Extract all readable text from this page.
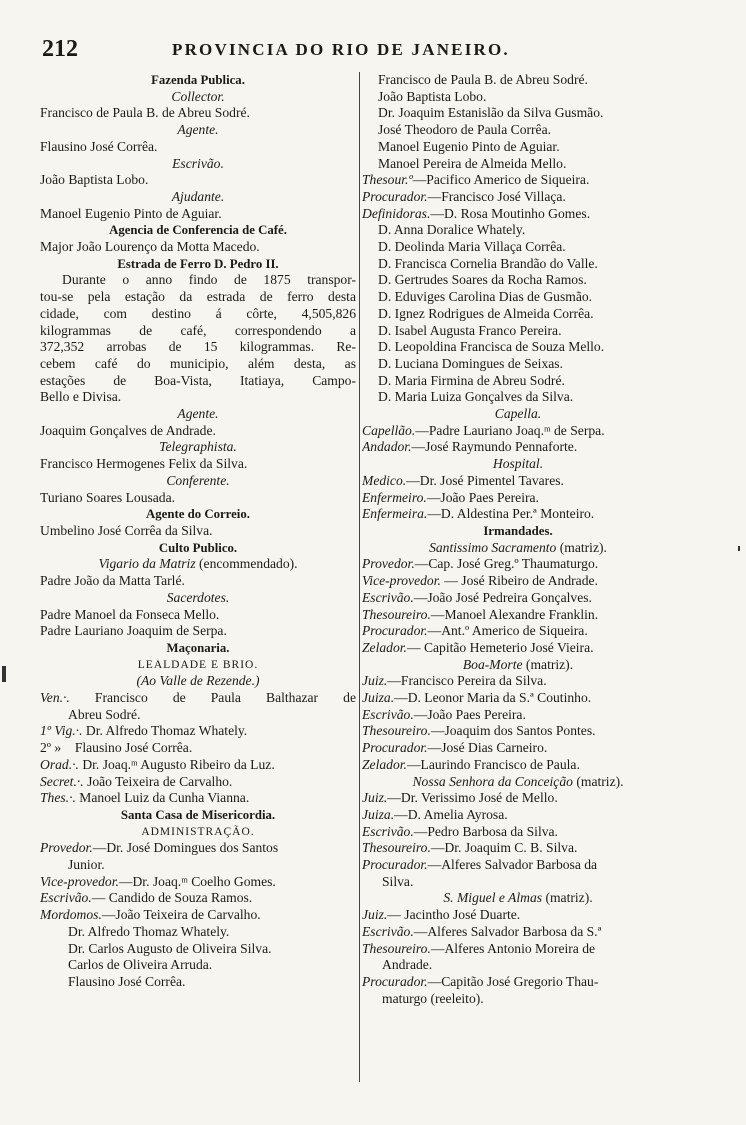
212	PROVINCIA DO RIO DE JANEIRO.
Fazenda Publica.
Collector.
Francisco de Paula B. de Abreu Sodré.
Agente.
Flausino José Corrêa.
Escrivão.
João Baptista Lobo.
Ajudante.
Manoel Eugenio Pinto de Aguiar.
Agencia de Conferencia de Café.
Major João Lourenço da Motta Macedo.
Estrada de Ferro D. Pedro II.
Durante o anno findo de 1875 transpor-
tou-se pela estação da estrada de ferro desta
cidade, com destino á côrte, 4,505,826
kilogrammas de café, correspondendo a
372,352 arrobas de 15 kilogrammas. Re-
cebem café do municipio, além desta, as
estações de Boa-Vista, Itatiaya, Campo-
Bello e Divisa.
Agente.
Joaquim Gonçalves de Andrade.
Telegraphista.
Francisco Hermogenes Felix da Silva.
Conferente.
Turiano Soares Lousada.
Agente do Correio.
Umbelino José Corrêa da Silva.
Culto Publico.
Vigario da Matriz (encommendado).
Padre João da Matta Tarlé.
Sacerdotes.
Padre Manoel da Fonseca Mello.
Padre Lauriano Joaquim de Serpa.
Maçonaria.
LEALDADE E BRIO.
(Ao Valle de Rezende.)
Ven.·. Francisco de Paula Balthazar de
Abreu Sodré.
1º Vig.·. Dr. Alfredo Thomaz Whately.
2º » Flausino José Corrêa.
Orad.·. Dr. Joaq.ᵐ Augusto Ribeiro da Luz.
Secret.·. João Teixeira de Carvalho.
Thes.·. Manoel Luiz da Cunha Vianna.
Santa Casa de Misericordia.
ADMINISTRAÇÃO.
Provedor.—Dr. José Domingues dos Santos
Junior.
Vice-provedor.—Dr. Joaq.ᵐ Coelho Gomes.
Escrivão.— Candido de Souza Ramos.
Mordomos.—João Teixeira de Carvalho.
Dr. Alfredo Thomaz Whately.
Dr. Carlos Augusto de Oliveira Silva.
Carlos de Oliveira Arruda.
Flausino José Corrêa.
Francisco de Paula B. de Abreu Sodré.
João Baptista Lobo.
Dr. Joaquim Estanislão da Silva Gusmão.
José Theodoro de Paula Corrêa.
Manoel Eugenio Pinto de Aguiar.
Manoel Pereira de Almeida Mello.
Thesour.º—Pacifico Americo de Siqueira.
Procurador.—Francisco José Villaça.
Definidoras.—D. Rosa Moutinho Gomes.
D. Anna Doralice Whately.
D. Deolinda Maria Villaça Corrêa.
D. Francisca Cornelia Brandão do Valle.
D. Gertrudes Soares da Rocha Ramos.
D. Eduviges Carolina Dias de Gusmão.
D. Ignez Rodrigues de Almeida Corrêa.
D. Isabel Augusta Franco Pereira.
D. Leopoldina Francisca de Souza Mello.
D. Luciana Domingues de Seixas.
D. Maria Firmina de Abreu Sodré.
D. Maria Luiza Gonçalves da Silva.
Capella.
Capellão.—Padre Lauriano Joaq.ᵐ de Serpa.
Andador.—José Raymundo Pennaforte.
Hospital.
Medico.—Dr. José Pimentel Tavares.
Enfermeiro.—João Paes Pereira.
Enfermeira.—D. Aldestina Per.ª Monteiro.
Irmandades.
Santissimo Sacramento (matriz).
Provedor.—Cap. José Greg.º Thaumaturgo.
Vice-provedor. — José Ribeiro de Andrade.
Escrivão.—João José Pedreira Gonçalves.
Thesoureiro.—Manoel Alexandre Franklin.
Procurador.—Ant.º Americo de Siqueira.
Zelador.— Capitão Hemeterio José Vieira.
Boa-Morte (matriz).
Juiz.—Francisco Pereira da Silva.
Juiza.—D. Leonor Maria da S.ª Coutinho.
Escrivão.—João Paes Pereira.
Thesoureiro.—Joaquim dos Santos Pontes.
Procurador.—José Dias Carneiro.
Zelador.—Laurindo Francisco de Paula.
Nossa Senhora da Conceição (matriz).
Juiz.—Dr. Verissimo José de Mello.
Juiza.—D. Amelia Ayrosa.
Escrivão.—Pedro Barbosa da Silva.
Thesoureiro.—Dr. Joaquim C. B. Silva.
Procurador.—Alferes Salvador Barbosa da
Silva.
S. Miguel e Almas (matriz).
Juiz.— Jacintho José Duarte.
Escrivão.—Alferes Salvador Barbosa da S.ª
Thesoureiro.—Alferes Antonio Moreira de
Andrade.
Procurador.—Capitão José Gregorio Thau-
maturgo (reeleito).
